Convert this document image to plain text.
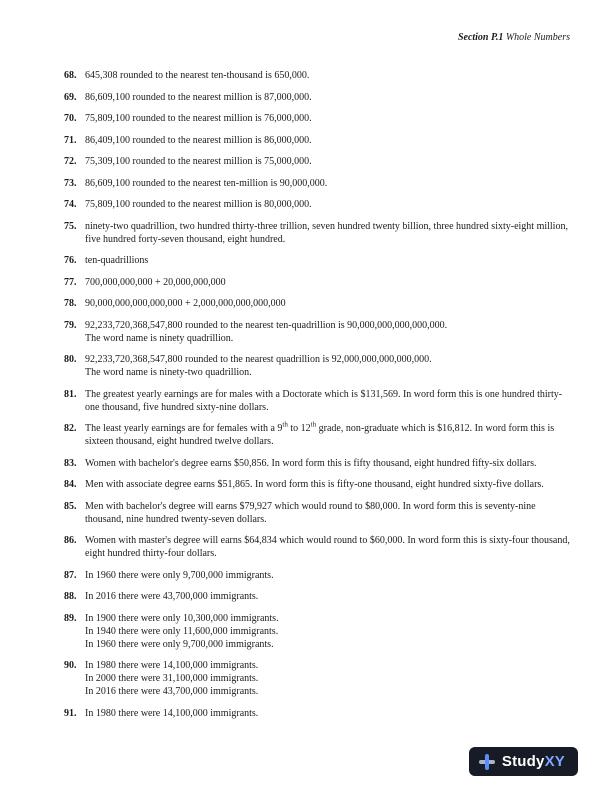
Section P.1 Whole Numbers
68. 645,308 rounded to the nearest ten-thousand is 650,000.
69. 86,609,100 rounded to the nearest million is 87,000,000.
70. 75,809,100 rounded to the nearest million is 76,000,000.
71. 86,409,100 rounded to the nearest million is 86,000,000.
72. 75,309,100 rounded to the nearest million is 75,000,000.
73. 86,609,100 rounded to the nearest ten-million is 90,000,000.
74. 75,809,100 rounded to the nearest million is 80,000,000.
75. ninety-two quadrillion, two hundred thirty-three trillion, seven hundred twenty billion, three hundred sixty-eight million, five hundred forty-seven thousand, eight hundred.
76. ten-quadrillions
77. 700,000,000,000 + 20,000,000,000
78. 90,000,000,000,000,000 + 2,000,000,000,000,000
79. 92,233,720,368,547,800 rounded to the nearest ten-quadrillion is 90,000,000,000,000,000.
The word name is ninety quadrillion.
80. 92,233,720,368,547,800 rounded to the nearest quadrillion is 92,000,000,000,000,000.
The word name is ninety-two quadrillion.
81. The greatest yearly earnings are for males with a Doctorate which is $131,569. In word form this is one hundred thirty-one thousand, five hundred sixty-nine dollars.
82. The least yearly earnings are for females with a 9th to 12th grade, non-graduate which is $16,812. In word form this is sixteen thousand, eight hundred twelve dollars.
83. Women with bachelor's degree earns $50,856. In word form this is fifty thousand, eight hundred fifty-six dollars.
84. Men with associate degree earns $51,865. In word form this is fifty-one thousand, eight hundred sixty-five dollars.
85. Men with bachelor's degree will earns $79,927 which would round to $80,000. In word form this is seventy-nine thousand, nine hundred twenty-seven dollars.
86. Women with master's degree will earns $64,834 which would round to $60,000. In word form this is sixty-four thousand, eight hundred thirty-four dollars.
87. In 1960 there were only 9,700,000 immigrants.
88. In 2016 there were 43,700,000 immigrants.
89. In 1900 there were only 10,300,000 immigrants.
In 1940 there were only 11,600,000 immigrants.
In 1960 there were only 9,700,000 immigrants.
90. In 1980 there were 14,100,000 immigrants.
In 2000 there were 31,100,000 immigrants.
In 2016 there were 43,700,000 immigrants.
91. In 1980 there were 14,100,000 immigrants.
StudyXY
